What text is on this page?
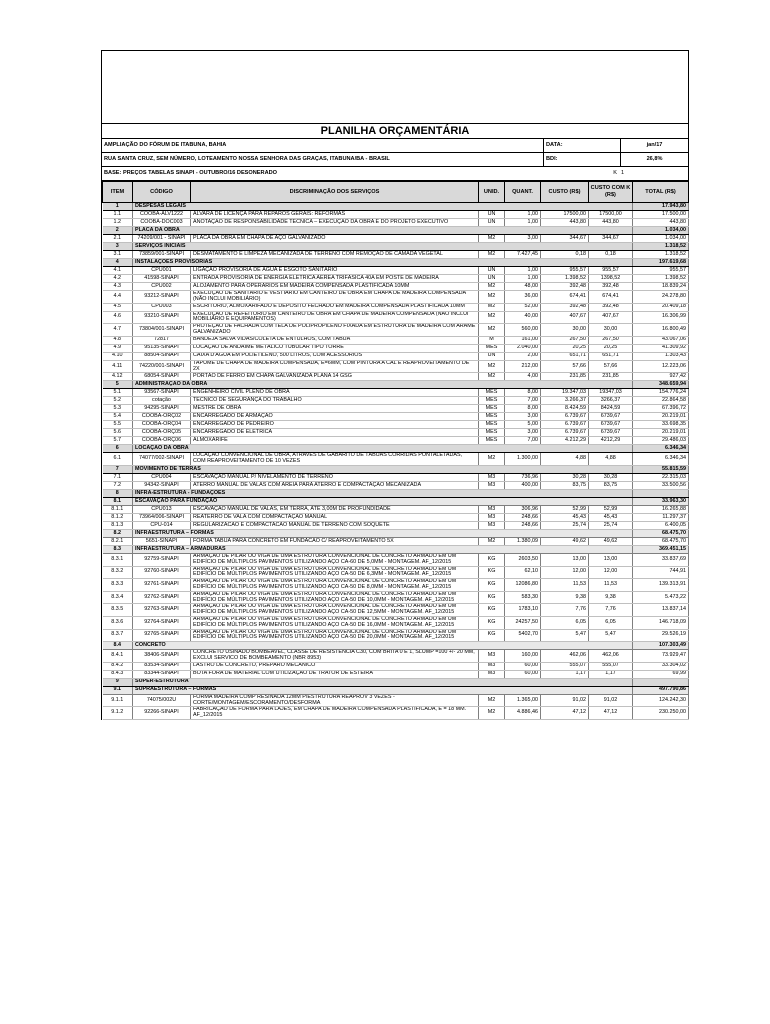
PLANILHA ORÇAMENTÁRIA
AMPLIAÇÃO DO FÓRUM DE ITABUNA, BAHIA	DATA:	jan/17
RUA SANTA CRUZ, SEM NÚMERO, LOTEAMENTO NOSSA SENHORA DAS GRAÇAS, ITABUNA/BA - BRASIL	BDI:	26,8%
BASE: PREÇOS TABELAS SINAPI - OUTUBRO/16 DESONERADO	K 1
ITEM	CÓDIGO	DISCRIMINAÇÃO DOS SERVIÇOS	UNID.	QUANT.	CUSTO (R$)	CUSTO COM K (R$)	TOTAL (R$)
1	DESPESAS LEGAIS						17.943,80
1.1	COOBA-ALV1222	ALVARA DE LICENÇA PARA REPAROS GERAIS: REFORMAS	UN	1,00	17500,00	17500,00	17.500,00
1.2	COOBA-DOC003	ANOTAÇÃO DE RESPONSABILIDADE TÉCNICA – EXECUÇÃO DA OBRA E DO PROJETO EXECUTIVO	UN	1,00	443,80	443,80	443,80
2	PLACA DA OBRA						1.034,00
2.1	74209/001 - SINAPI	PLACA DA OBRA EM CHAPA DE AÇO GALVANIZADO	M2	3,00	344,67	344,67	1.034,00
3	SERVIÇOS INICIAIS						1.318,52
3.1	73859/001-SINAPI	DESMATAMENTO E LIMPEZA MECANIZADA DE TERRENO COM REMOÇÃO DE CAMADA VEGETAL	M2	7.427,45	0,18	0,18	1.318,52
4	INSTALAÇÕES PROVISÓRIAS						197.619,68
4.1	CPU001	LIGAÇÃO PROVISÓRIA DE ÁGUA E ESGOTO SANITÁRIO	UN	1,00	955,57	955,57	955,57
4.2	41598-SINAPI	ENTRADA PROVISÓRIA DE ENERGIA ELÉTRICA AÉREA TRIFÁSICA 40A EM POSTE DE MADEIRA	UN	1,00	1.398,52	1398,52	1.398,52
4.3	CPU002	ALOJAMENTO PARA OPERÁRIOS EM MADEIRA COMPENSADA PLASTIFICADA 10MM	M2	48,00	392,48	392,48	18.839,24
4.4	93212-SINAPI	EXECUÇÃO DE SANITÁRIO E VESTIÁRIO EM CANTEIRO DE OBRA EM CHAPA DE MADEIRA COMPENSADA (NÃO INCLUI MOBILIÁRIO)	M2	36,00	674,41	674,41	24.278,80
4.5	CPU003	ESCRITÓRIO, ALMOXARIFADO E DEPÓSITO FECHADO EM MADEIRA COMPENSADA PLASTIFICADA 10MM	M2	52,00	392,48	392,48	20.409,18
4.6	93210-SINAPI	EXECUÇÃO DE REFEITÓRIO EM CANTEIRO DE OBRA EM CHAPA DE MADEIRA COMPENSADA (NÃO INCLUI MOBILIÁRIO E EQUIPAMENTOS)	M2	40,00	407,67	407,67	16.306,99
4.7	73804/001-SINAPI	PROTEÇÃO DE FACHADA COM TELA DE POLIPROPILENO FIXADA EM ESTRUTURA DE MADEIRA COM ARAME GALVANIZADO	M2	560,00	30,00	30,00	16.800,49
4.8	72817	BANDEJA SALVA VIDAS/COLETA DE ENTULHOS, COM TÁBUA	M	161,00	267,50	267,50	43.067,06
4.9	95135-SINAPI	LOCAÇÃO DE ANDAIME METÁLICO TUBULAR TIPO TORRE	MÊS	2.040,00	20,25	20,25	41.309,92
4.10	88504-SINAPI	CAIXA D'ÁGUA EM POLIETILENO, 500 LITROS, COM ACESSÓRIOS	UN	2,00	651,71	651,71	1.303,43
4.11	74220/001-SINAPI	TAPUME DE CHAPA DE MADEIRA COMPENSADA, E=6MM, COM PINTURA A CAL E REAPROVEITAMENTO DE 2X	M2	212,00	57,66	57,66	12.223,06
4.12	68054-SINAPI	PORTÃO DE FERRO EM CHAPA GALVANIZADA PLANA 14 GSG	M2	4,00	231,85	231,85	927,42
5	ADMINISTRAÇÃO DA OBRA						348.659,94
5.1	93567-SINAPI	ENGENHEIRO CIVIL PLENO DE OBRA	MÊS	8,00	19.347,03	19347,03	154.776,24
5.2	cotação	TÉCNICO DE SEGURANÇA DO TRABALHO	MÊS	7,00	3.266,37	3266,37	22.864,58
5.3	94295-SINAPI	MESTRE DE OBRA	MÊS	8,00	8.424,59	8424,59	67.396,72
5.4	COOBA-ORÇ02	ENCARREGADO DE ARMAÇÃO	MÊS	3,00	6.739,67	6739,67	20.219,01
5.5	COOBA-ORÇ04	ENCARREGADO DE PEDREIRO	MÊS	5,00	6.739,67	6739,67	33.698,35
5.6	COOBA-ORÇ05	ENCARREGADO DE ELÉTRICA	MÊS	3,00	6.739,67	6739,67	20.219,01
5.7	COOBA-ORÇ06	ALMOXARIFE	MÊS	7,00	4.212,29	4212,29	29.486,03
6	LOCAÇÃO DA OBRA						6.346,34
6.1	74077/002-SINAPI	LOCAÇÃO CONVENCIONAL DE OBRA, ATRAVÉS DE GABARITO DE TÁBUAS CORRIDAS PONTALETADAS, COM REAPROVEITAMENTO DE 10 VEZES	M2	1.300,00	4,88	4,88	6.346,34
7	MOVIMENTO DE TERRAS						55.815,59
7.1	CPU004	ESCAVAÇÃO MANUAL P/ NIVELAMENTO DE TERRENO	M3	736,96	30,28	30,28	22.315,03
7.2	94342-SINAPI	ATERRO MANUAL DE VALAS COM AREIA PARA ATERRO E COMPACTAÇÃO MECANIZADA	M3	400,00	83,75	83,75	33.500,56
8	INFRA-ESTRUTURA - FUNDAÇÕES						
8.1	ESCAVAÇÃO PARA FUNDAÇÃO						33.963,30
8.1.1	CPU013	ESCAVAÇÃO MANUAL DE VALAS, EM TERRA, ATE 3,00M DE PROFUNDIDADE	M3	306,96	52,99	52,99	16.265,88
8.1.2	73964/006-SINAPI	REATERRO DE VALA COM COMPACTAÇÃO MANUAL	M3	248,66	45,43	45,43	11.297,37
8.1.3	CPU-014	REGULARIZACAO E COMPACTACAO MANUAL DE TERRENO COM SOQUETE	M3	248,66	25,74	25,74	6.400,05
8.2	INFRAESTRUTURA – FORMAS						68.475,70
8.2.1	5651-SINAPI	FORMA TABUA PARA CONCRETO EM FUNDACAO C/ REAPROVEITAMENTO 5X	M2	1.380,09	49,62	49,62	68.475,70
8.3	INFRAESTRUTURA – ARMADURAS						369.451,15
8.3.1	92759-SINAPI	ARMAÇÃO DE PILAR OU VIGA DE UMA ESTRUTURA CONVENCIONAL DE CONCRETO ARMADO EM UM EDIFÍCIO DE MÚLTIPLOS PAVIMENTOS UTILIZANDO AÇO CA-60 DE 5,0MM - MONTAGEM. AF_12/2015	KG	2603,50	13,00	13,00	33.837,69
8.3.2	92760-SINAPI	ARMAÇÃO DE PILAR OU VIGA DE UMA ESTRUTURA CONVENCIONAL DE CONCRETO ARMADO EM UM EDIFÍCIO DE MÚLTIPLOS PAVIMENTOS UTILIZANDO AÇO CA-50 DE 6,3MM - MONTAGEM. AF_12/2015	KG	62,10	12,00	12,00	744,91
8.3.3	92761-SINAPI	ARMAÇÃO DE PILAR OU VIGA DE UMA ESTRUTURA CONVENCIONAL DE CONCRETO ARMADO EM UM EDIFÍCIO DE MÚLTIPLOS PAVIMENTOS UTILIZANDO AÇO CA-50 DE 8,0MM - MONTAGEM. AF_12/2015	KG	12086,80	11,53	11,53	139.313,91
8.3.4	92762-SINAPI	ARMAÇÃO DE PILAR OU VIGA DE UMA ESTRUTURA CONVENCIONAL DE CONCRETO ARMADO EM UM EDIFÍCIO DE MÚLTIPLOS PAVIMENTOS UTILIZANDO AÇO CA-50 DE 10,0MM - MONTAGEM. AF_12/2015	KG	583,30	9,38	9,38	5.473,22
8.3.5	92763-SINAPI	ARMAÇÃO DE PILAR OU VIGA DE UMA ESTRUTURA CONVENCIONAL DE CONCRETO ARMADO EM UM EDIFÍCIO DE MÚLTIPLOS PAVIMENTOS UTILIZANDO AÇO CA-50 DE 12,5MM - MONTAGEM. AF_12/2015	KG	1783,10	7,76	7,76	13.837,14
8.3.6	92764-SINAPI	ARMAÇÃO DE PILAR OU VIGA DE UMA ESTRUTURA CONVENCIONAL DE CONCRETO ARMADO EM UM EDIFÍCIO DE MÚLTIPLOS PAVIMENTOS UTILIZANDO AÇO CA-50 DE 16,0MM - MONTAGEM. AF_12/2015	KG	24257,50	6,05	6,05	146.718,09
8.3.7	92765-SINAPI	ARMAÇÃO DE PILAR OU VIGA DE UMA ESTRUTURA CONVENCIONAL DE CONCRETO ARMADO EM UM EDIFÍCIO DE MÚLTIPLOS PAVIMENTOS UTILIZANDO AÇO CA-50 DE 20,0MM - MONTAGEM. AF_12/2015	KG	5402,70	5,47	5,47	29.526,19
8.4	CONCRETO						107.303,49
8.4.1	38406-SINAPI	CONCRETO USINADO BOMBEAVEL, CLASSE DE RESISTENCIA C30, COM BRITA 0 E 1, SLUMP =100 +/- 20 MM, EXCLUI SERVICO DE BOMBEAMENTO (NBR 8953)	M3	160,00	462,06	462,06	73.929,47
8.4.2	83534-SINAPI	LASTRO DE CONCRETO, PREPARO MECANICO	M3	60,00	555,07	555,07	33.304,02
8.4.3	83344-SINAPI	BOTA FORA DE MATERIAL COM UTILIZAÇÃO DE TRATOR DE ESTEIRA	M3	60,00	1,17	1,17	69,99
9	SUPER-ESTRUTURA						
9.1	SUPRAESTRUTURA – FORMAS						497.790,86
9.1.1	74075/002U	FORMA MADEIRA COMP RESINADA 12MM P/ESTRUTURA REAPROV 3 VEZES - CORTE/MONTAGEM/ESCORAMENTO/DESFORMA	M2	1.365,00	91,02	91,02	124.242,30
9.1.2	92266-SINAPI	FABRICAÇÃO DE FÔRMA PARA LAJES, EM CHAPA DE MADEIRA COMPENSADA PLASTIFICADA, E = 18 MM. AF_12/2015	M2	4.886,46	47,12	47,12	230.250,00
